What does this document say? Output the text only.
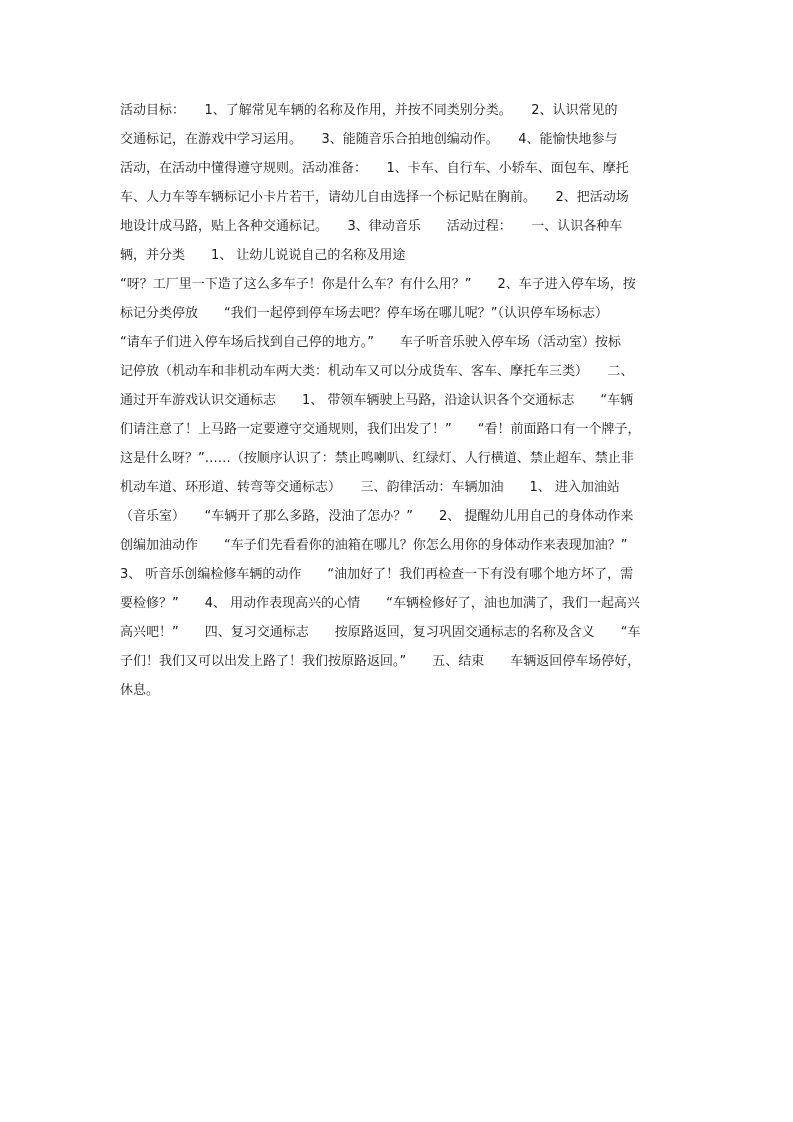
活动目标：　　1、了解常见车辆的名称及作用，并按不同类别分类。　　2、认识常见的
交通标记，在游戏中学习运用。　　3、能随音乐合拍地创编动作。　　4、能愉快地参与
活动，在活动中懂得遵守规则。活动准备：　　1、卡车、自行车、小轿车、面包车、摩托
车、人力车等车辆标记小卡片若干，请幼儿自由选择一个标记贴在胸前。　　2、把活动场
地设计成马路，贴上各种交通标记。　　3、律动音乐　　活动过程：　　一、认识各种车
辆，并分类　　1、 让幼儿说说自己的名称及用途
“呀？工厂里一下造了这么多车子！你是什么车？有什么用？”　　2、车子进入停车场，按
标记分类停放　　“我们一起停到停车场去吧？停车场在哪儿呢？”（认识停车场标志）
“请车子们进入停车场后找到自己停的地方。”　　车子听音乐驶入停车场（活动室）按标
记停放（机动车和非机动车两大类：机动车又可以分成货车、客车、摩托车三类）　　二、
通过开车游戏认识交通标志　　1、 带领车辆驶上马路，沿途认识各个交通标志　　“车辆
们请注意了！上马路一定要遵守交通规则，我们出发了！”　　“看！前面路口有一个牌子，
这是什么呀？”……（按顺序认识了：禁止鸣喇叭、红绿灯、人行横道、禁止超车、禁止非
机动车道、环形道、转弯等交通标志）　　三、韵律活动：车辆加油　　1、 进入加油站
（音乐室）　　“车辆开了那么多路，没油了怎办？”　　2、 提醒幼儿用自己的身体动作来
创编加油动作　　“车子们先看看你的油箱在哪儿？你怎么用你的身体动作来表现加油？”
3、 听音乐创编检修车辆的动作　　“油加好了！我们再检查一下有没有哪个地方坏了，需
要检修？”　　4、 用动作表现高兴的心情　　“车辆检修好了，油也加满了，我们一起高兴
高兴吧！”　　四、复习交通标志　　按原路返回，复习巩固交通标志的名称及含义　　“车
子们！我们又可以出发上路了！我们按原路返回。”　　五、结束　　车辆返回停车场停好，
休息。
